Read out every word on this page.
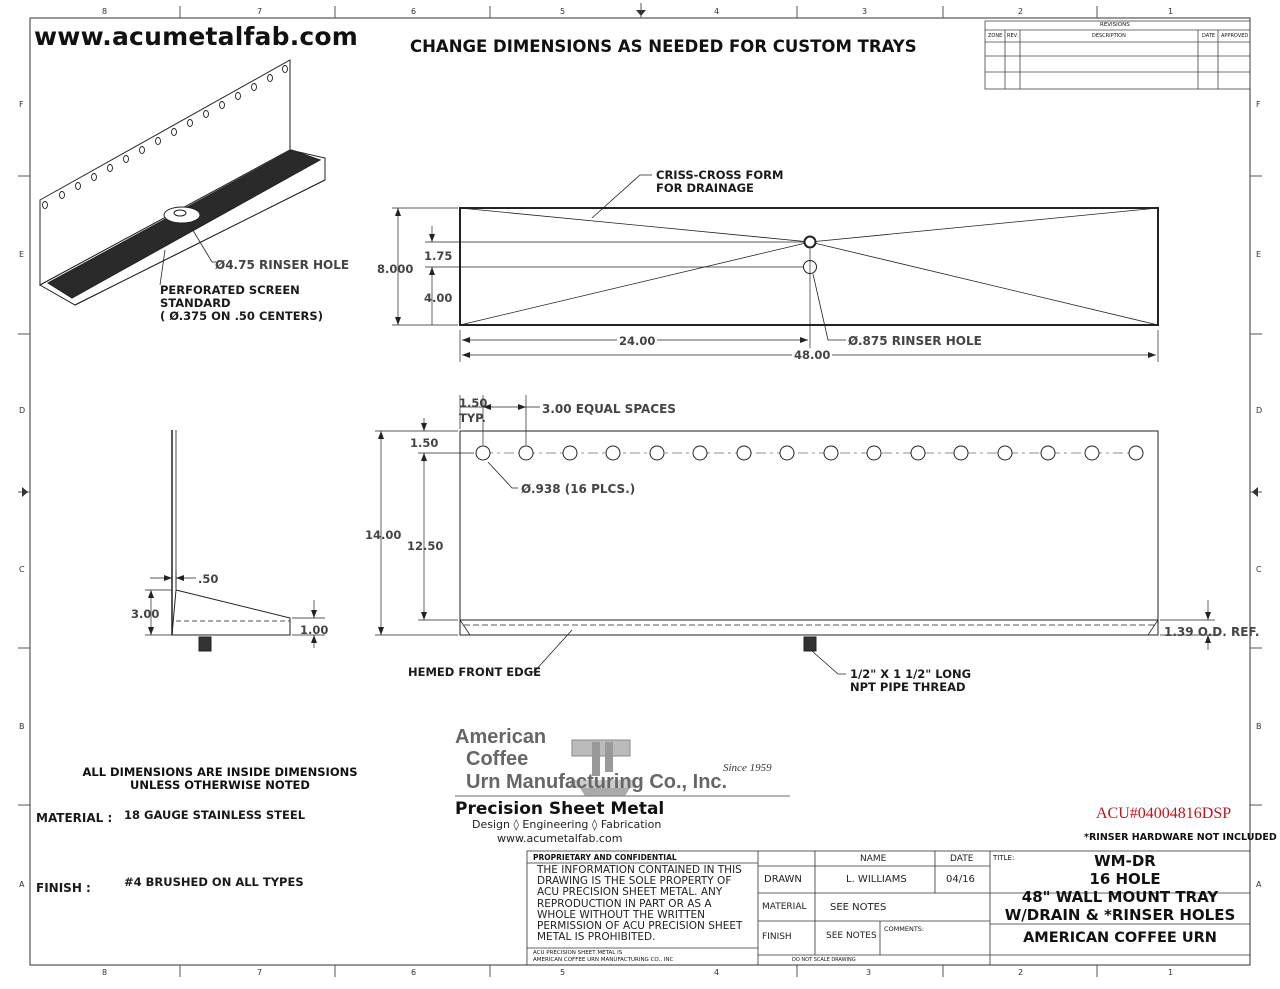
8	7	6	5	4	3	2	1
8	7	6	5	4	3	2	1
F
E
D
C
B
A
F
E
D
C
B
A
www.acumetalfab.com	CHANGE DIMENSIONS AS NEEDED FOR CUSTOM TRAYS
REVISIONS
ZONE REV.	DESCRIPTION	DATE APPROVED
Ø4.75 RINSER HOLE
PERFORATED SCREEN
STANDARD
( Ø.375 ON .50 CENTERS)
CRISS-CROSS FORM
FOR DRAINAGE
8.000
1.75
4.00
24.00
48.00
Ø.875 RINSER HOLE
1.50
TYP.
3.00 EQUAL SPACES
1.50
Ø.938 (16 PLCS.)
14.00
12.50
1.39 O.D. REF.
HEMED FRONT EDGE	1/2" X 1 1/2" LONG
NPT PIPE THREAD
.50
3.00
1.00
ALL DIMENSIONS ARE INSIDE DIMENSIONS
UNLESS OTHERWISE NOTED
MATERIAL : 18 GAUGE STAINLESS STEEL
FINISH :	#4 BRUSHED ON ALL TYPES
American
Coffee
Urn Manufacturing Co., Inc.
Since 1959
Precision Sheet Metal
Design ◊ Engineering ◊ Fabrication
www.acumetalfab.com
ACU#04004816DSP
*RINSER HARDWARE NOT INCLUDED
PROPRIETARY AND CONFIDENTIAL
THE INFORMATION CONTAINED IN THIS DRAWING IS THE SOLE PROPERTY OF ACU PRECISION SHEET METAL. ANY REPRODUCTION IN PART OR AS A WHOLE WITHOUT THE WRITTEN PERMISSION OF ACU PRECISION SHEET METAL IS PROHIBITED.
ACU PRECISION SHEET METAL IS
AMERICAN COFFEE URN MANUFACTURING CO., INC
NAME	DATE
DRAWN	L. WILLIAMS	04/16
MATERIAL SEE NOTES
FINISH	SEE NOTES
COMMENTS:
DO NOT SCALE DRAWING
TITLE:	WM-DR
16 HOLE
48" WALL MOUNT TRAY
W/DRAIN & *RINSER HOLES
AMERICAN COFFEE URN
